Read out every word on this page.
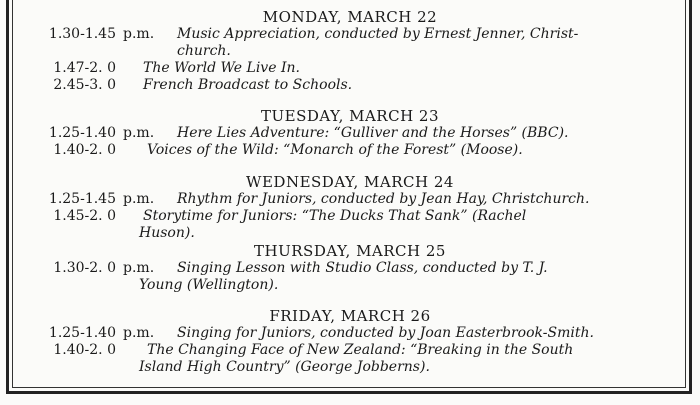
MONDAY, MARCH 22
1.30-1.45 p.m. Music Appreciation, conducted by Ernest Jenner, Christ-
church.
1.47-2. 0 The World We Live In.
2.45-3. 0 French Broadcast to Schools.
TUESDAY, MARCH 23
1.25-1.40 p.m. Here Lies Adventure: “Gulliver and the Horses” (BBC).
1.40-2. 0 Voices of the Wild: “Monarch of the Forest” (Moose).
WEDNESDAY, MARCH 24
1.25-1.45 p.m. Rhythm for Juniors, conducted by Jean Hay, Christchurch.
1.45-2. 0 Storytime for Juniors: “The Ducks That Sank” (Rachel
Huson).
THURSDAY, MARCH 25
1.30-2. 0 p.m. Singing Lesson with Studio Class, conducted by T. J.
Young (Wellington).
FRIDAY, MARCH 26
1.25-1.40 p.m. Singing for Juniors, conducted by Joan Easterbrook-Smith.
1.40-2. 0 The Changing Face of New Zealand: “Breaking in the South
Island High Country” (George Jobberns).
